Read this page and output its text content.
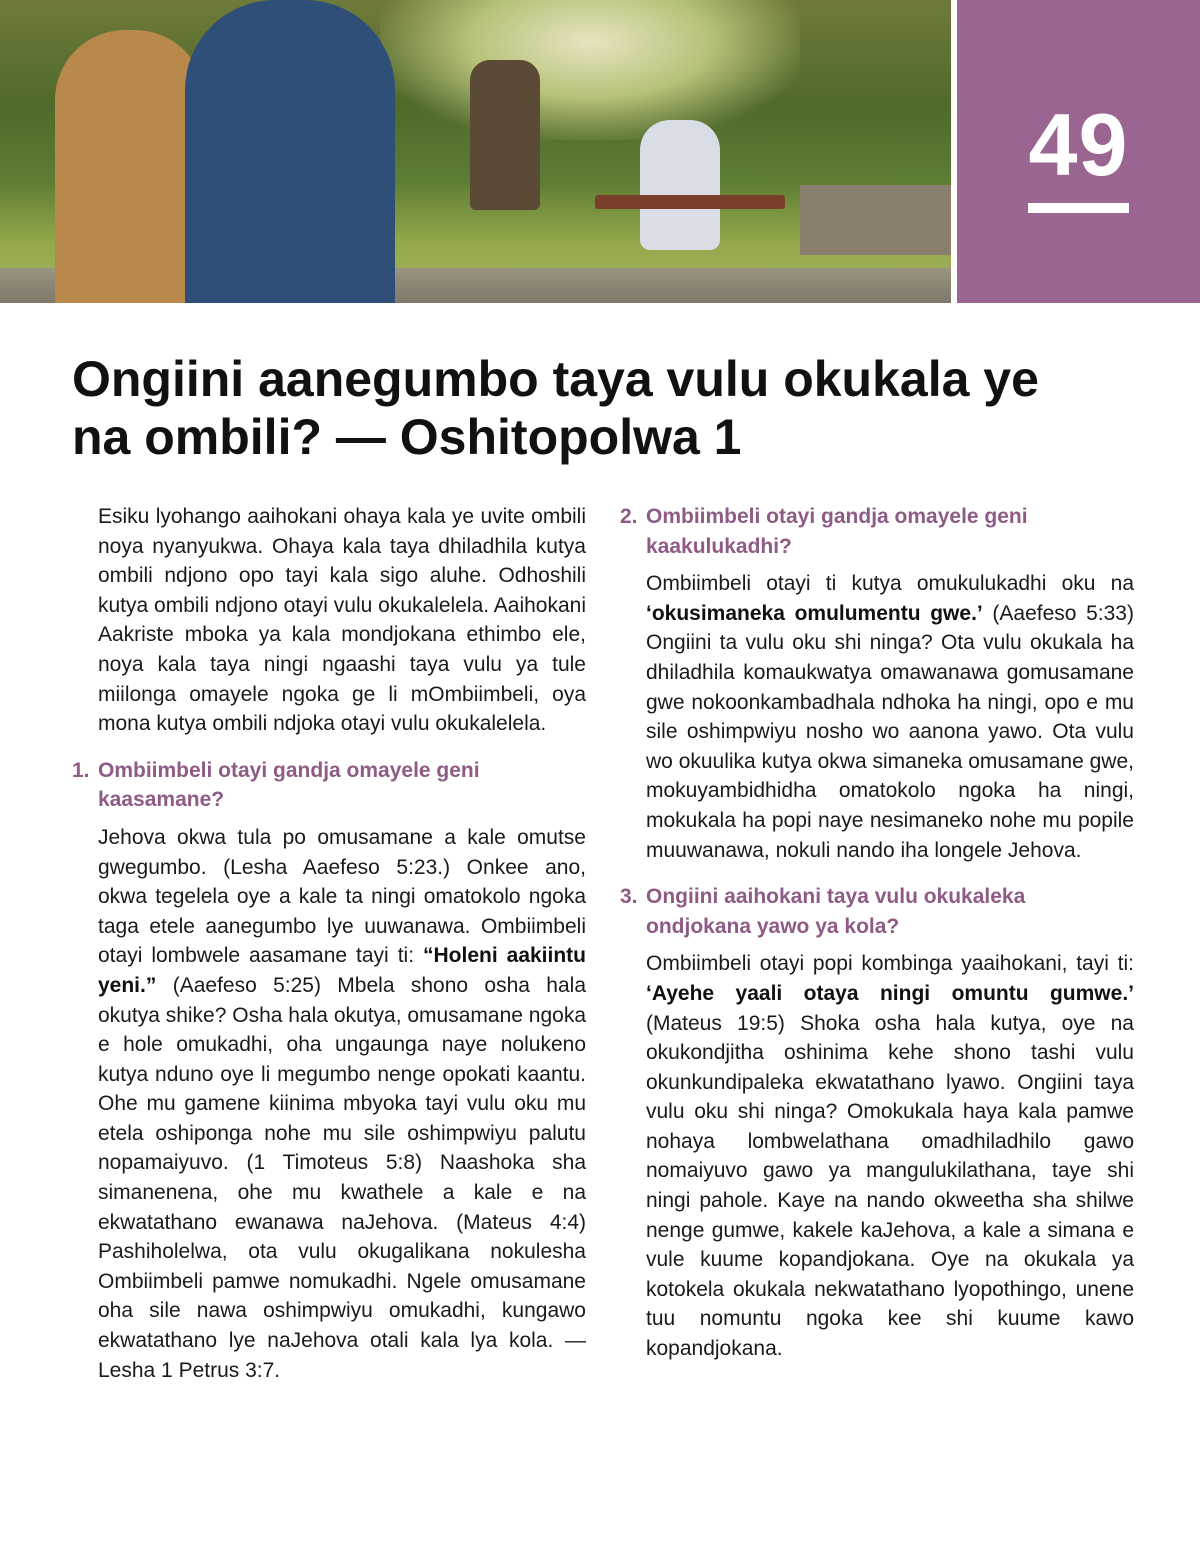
49
Ongiini aanegumbo taya vulu okukala ye na ombili? — Oshitopolwa 1

Esiku lyohango aaihokani ohaya kala ye uvite ombili noya nyanyukwa. Ohaya kala taya dhiladhila kutya ombili ndjono opo tayi kala sigo aluhe. Odhoshili kutya ombili ndjono otayi vulu okukalelela. Aaihokani Aakriste mboka ya kala mondjokana ethimbo ele, noya kala taya ningi ngaashi taya vulu ya tule miilonga omayele ngoka ge li mOmbiimbeli, oya mona kutya ombili ndjoka otayi vulu okukalelela.

1. Ombiimbeli otayi gandja omayele geni kaasamane?

Jehova okwa tula po omusamane a kale omutse gwegumbo. (Lesha Aaefeso 5:23.) Onkee ano, okwa tegelela oye a kale ta ningi omatokolo ngoka taga etele aanegumbo lye uuwanawa. Ombiimbeli otayi lombwele aasamane tayi ti: “Holeni aakiintu yeni.” (Aaefeso 5:25) Mbela shono osha hala okutya shike? Osha hala okutya, omusamane ngoka e hole omukadhi, oha ungaunga naye nolukeno kutya nduno oye li megumbo nenge opokati kaantu. Ohe mu gamene kiinima mbyoka tayi vulu oku mu etela oshiponga nohe mu sile oshimpwiyu palutu nopamaiyuvo. (1 Timoteus 5:8) Naashoka sha simanenena, ohe mu kwathele a kale e na ekwatathano ewanawa naJehova. (Mateus 4:4) Pashiholelwa, ota vulu okugalikana nokulesha Ombiimbeli pamwe nomukadhi. Ngele omusamane oha sile nawa oshimpwiyu omukadhi, kungawo ekwatathano lye naJehova otali kala lya kola. — Lesha 1 Petrus 3:7.

2. Ombiimbeli otayi gandja omayele geni kaakulukadhi?

Ombiimbeli otayi ti kutya omukulukadhi oku na ‘okusimaneka omulumentu gwe.’ (Aaefeso 5:33) Ongiini ta vulu oku shi ninga? Ota vulu okukala ha dhiladhila komaukwatya omawanawa gomusamane gwe nokoonkambadhala ndhoka ha ningi, opo e mu sile oshimpwiyu nosho wo aanona yawo. Ota vulu wo okuulika kutya okwa simaneka omusamane gwe, mokuyambidhidha omatokolo ngoka ha ningi, mokukala ha popi naye nesimaneko nohe mu popile muuwanawa, nokuli nando iha longele Jehova.

3. Ongiini aaihokani taya vulu okukaleka ondjokana yawo ya kola?

Ombiimbeli otayi popi kombinga yaaihokani, tayi ti: ‘Ayehe yaali otaya ningi omuntu gumwe.’ (Mateus 19:5) Shoka osha hala kutya, oye na okukondjitha oshinima kehe shono tashi vulu okunkundipaleka ekwatathano lyawo. Ongiini taya vulu oku shi ninga? Omokukala haya kala pamwe nohaya lombwelathana omadhiladhilo gawo nomaiyuvo gawo ya mangulukilathana, taye shi ningi pahole. Kaye na nando okweetha sha shilwe nenge gumwe, kakele kaJehova, a kale a simana e vule kuume kopandjokana. Oye na okukala ya kotokela okukala nekwatathano lyopothingo, unene tuu nomuntu ngoka kee shi kuume kawo kopandjokana.
